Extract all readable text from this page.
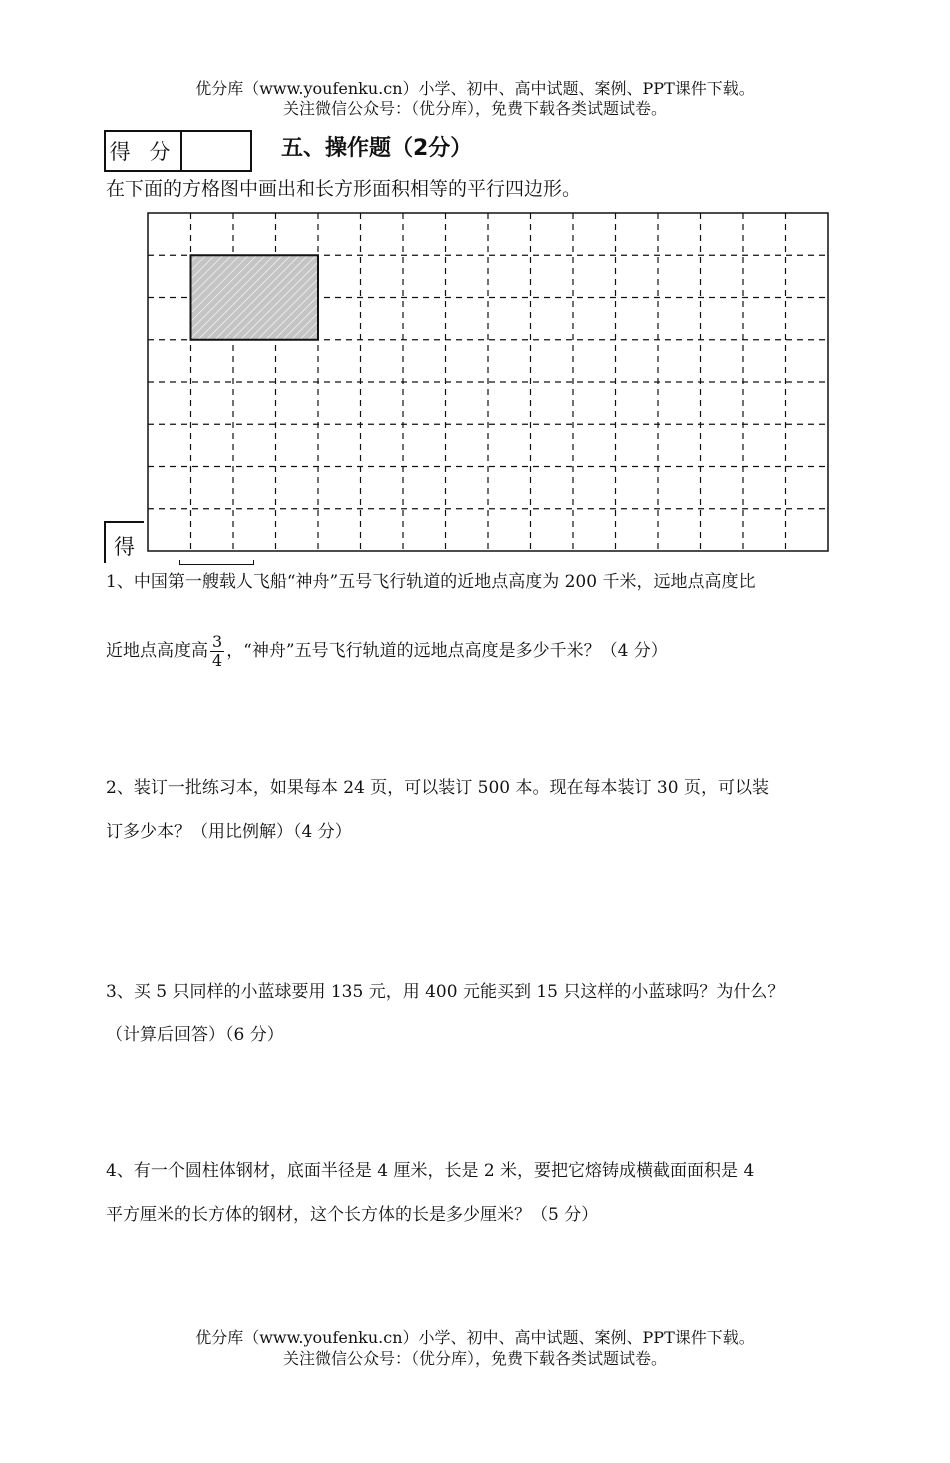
优分库（www.youfenku.cn）小学、初中、高中试题、案例、PPT课件下载。
关注微信公众号：（优分库），免费下载各类试题试卷。
得 分	五、操作题（2分）
在下面的方格图中画出和长方形面积相等的平行四边形。
得
1、中国第一艘载人飞船“神舟”五号飞行轨道的近地点高度为 200 千米，远地点高度比
近地点高度高 $\frac{3}{4}$ ，“神舟”五号飞行轨道的远地点高度是多少千米？（4 分）
2、装订一批练习本，如果每本 24 页，可以装订 500 本。现在每本装订 30 页，可以装
订多少本？（用比例解）（4 分）
3、买 5 只同样的小蓝球要用 135 元，用 400 元能买到 15 只这样的小蓝球吗？为什么？
（计算后回答）（6 分）
4、有一个圆柱体钢材，底面半径是 4 厘米，长是 2 米，要把它熔铸成横截面面积是 4
平方厘米的长方体的钢材，这个长方体的长是多少厘米？（5 分）
优分库（www.youfenku.cn）小学、初中、高中试题、案例、PPT课件下载。
关注微信公众号：（优分库），免费下载各类试题试卷。
